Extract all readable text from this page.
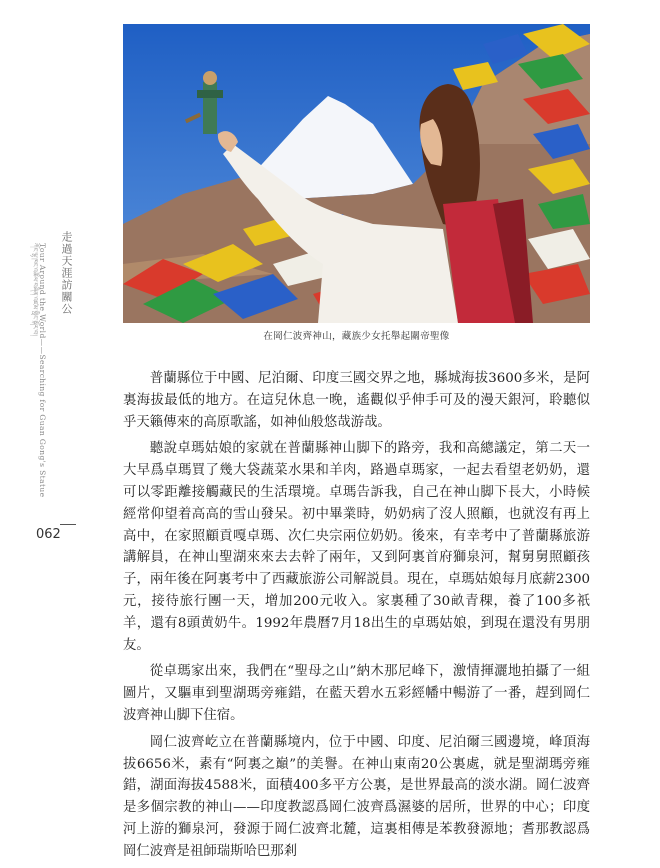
在岡仁波齊神山，藏族少女托舉起關帝聖像
走過天涯訪關公
Tour Around the World——Searching for Guan Gong's Statue
ཀོང་ལྷ་ཁང་འཚོལ་བཞིན་འཛམ་གླིང་སྐོར་བ།
062

普蘭縣位于中國、尼泊爾、印度三國交界之地，縣城海拔3600多米，是阿裏海拔最低的地方。在這兒休息一晚，遙觀似乎伸手可及的漫天銀河，聆聽似乎天籟傳來的高原歌謠，如神仙般悠哉游哉。

聽說卓瑪姑娘的家就在普蘭縣神山脚下的路旁，我和高總議定，第二天一大早爲卓瑪買了幾大袋蔬菜水果和羊肉，路過卓瑪家，一起去看望老奶奶，還可以零距離接觸藏民的生活環境。卓瑪告訴我，自己在神山脚下長大，小時候經常仰望着高高的雪山發呆。初中畢業時，奶奶病了沒人照顧，也就沒有再上高中，在家照顧貢嘎卓瑪、次仁央宗兩位奶奶。後來，有幸考中了普蘭縣旅游講解員，在神山聖湖來來去去幹了兩年，又到阿裏首府獅泉河，幫舅舅照顧孩子，兩年後在阿裏考中了西藏旅游公司解説員。現在，卓瑪姑娘每月底薪2300元，接待旅行團一天，增加200元收入。家裏種了30畝青稞，養了100多祇羊，還有8頭黄奶牛。1992年農曆7月18出生的卓瑪姑娘，到現在還没有男朋友。

從卓瑪家出來，我們在“聖母之山”納木那尼峰下，激情揮灑地拍攝了一組圖片，又驅車到聖湖瑪旁雍錯，在藍天碧水五彩經幡中暢游了一番，趕到岡仁波齊神山脚下住宿。

岡仁波齊屹立在普蘭縣境内，位于中國、印度、尼泊爾三國邊境，峰頂海拔6656米，素有“阿裏之巔”的美譽。在神山東南20公裏處，就是聖湖瑪旁雍錯，湖面海拔4588米，面積400多平方公裏，是世界最高的淡水湖。岡仁波齊是多個宗教的神山——印度教認爲岡仁波齊爲濕婆的居所，世界的中心；印度河上游的獅泉河，發源于岡仁波齊北麓，這裏相傳是苯教發源地；耆那教認爲岡仁波齊是祖師瑞斯哈巴那剎
